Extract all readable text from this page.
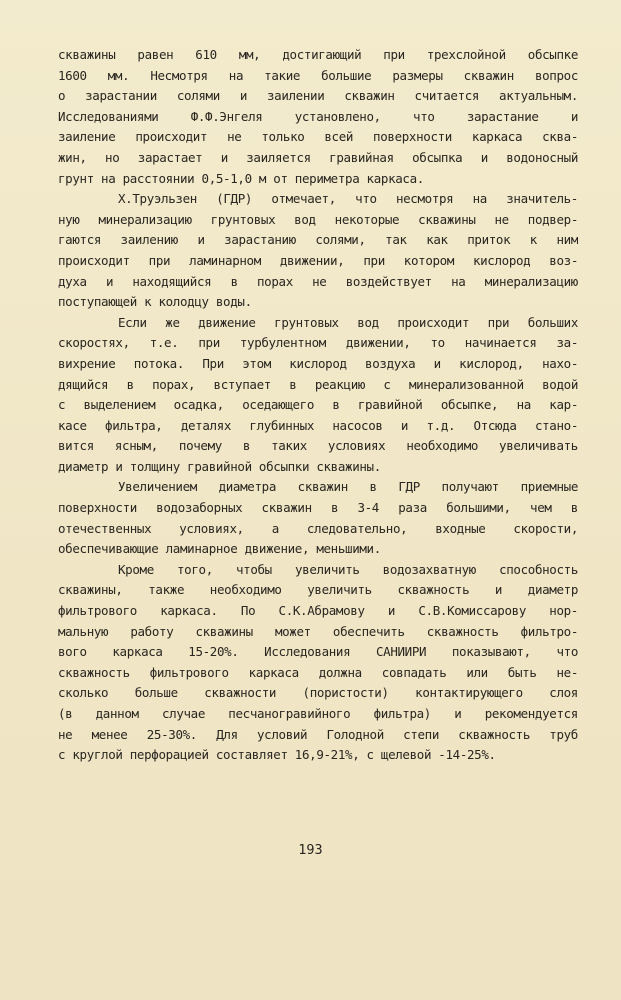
скважины равен 610 мм, достигающий при трехслойной обсыпке
1600 мм. Несмотря на такие большие размеры скважин вопрос
о зарастании солями и заилении скважин считается актуальным.
Исследованиями Ф.Ф.Энгеля установлено, что зарастание и
заиление происходит не только всей поверхности каркаса сква-
жин, но зарастает и заиляется гравийная обсыпка и водоносный
грунт на расстоянии 0,5-1,0 м от периметра каркаса.
Х.Труэльзен (ГДР) отмечает, что несмотря на значитель-
ную минерализацию грунтовых вод некоторые скважины не подвер-
гаются заилению и зарастанию солями, так как приток к ним
происходит при ламинарном движении, при котором кислород воз-
духа и находящийся в порах не воздействует на минерализацию
поступающей к колодцу воды.
Если же движение грунтовых вод происходит при больших
скоростях, т.е. при турбулентном движении, то начинается за-
вихрение потока. При этом кислород воздуха и кислород, нахо-
дящийся в порах, вступает в реакцию с минерализованной водой
с выделением осадка, оседающего в гравийной обсыпке, на кар-
касе фильтра, деталях глубинных насосов и т.д. Отсюда стано-
вится ясным, почему в таких условиях необходимо увеличивать
диаметр и толщину гравийной обсыпки скважины.
Увеличением диаметра скважин в ГДР получают приемные
поверхности водозаборных скважин в 3-4 раза большими, чем в
отечественных условиях, а следовательно, входные скорости,
обеспечивающие ламинарное движение, меньшими.
Кроме того, чтобы увеличить водозахватную способность
скважины, также необходимо увеличить скважность и диаметр
фильтрового каркаса. По С.К.Абрамову и С.В.Комиссарову нор-
мальную работу скважины может обеспечить скважность фильтро-
вого каркаса 15-20%. Исследования САНИИРИ показывают, что
скважность фильтрового каркаса должна совпадать или быть не-
сколько больше скважности (пористости) контактирующего слоя
(в данном случае песчаногравийного фильтра) и рекомендуется
не менее 25-30%. Для условий Голодной степи скважность труб
с круглой перфорацией составляет 16,9-21%, с щелевой -14-25%.
193
